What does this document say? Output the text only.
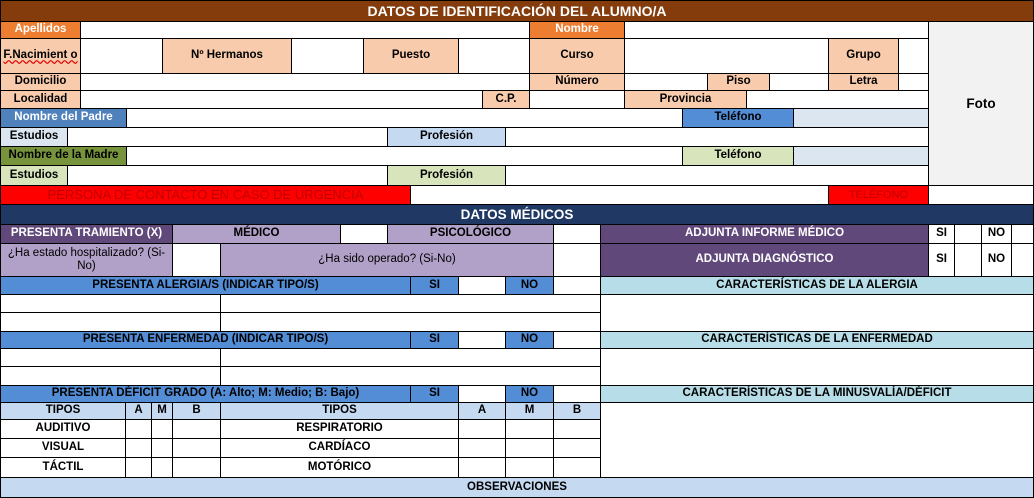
DATOS DE IDENTIFICACIÓN DEL ALUMNO/A
Foto
Apellidos	Nombre
F.Nacimient o	Nº Hermanos	Puesto	Curso	Grupo
Domicilio	Número	Piso	Letra
Localidad	C.P.	Provincia
Nombre del Padre	Teléfono
Estudios	Profesión
Nombre de la Madre	Teléfono
Estudios	Profesión
PERSONA DE CONTACTO EN CASO DE URGENCIA	TELÉFONO
DATOS MÉDICOS
PRESENTA TRAMIENTO (X)	MÉDICO	PSICOLÓGICO	ADJUNTA INFORME MÉDICO	SI	NO
¿Ha estado hospitalizado? (Si-No)
¿Ha sido operado? (Si-No)	ADJUNTA DIAGNÓSTICO	SI	NO
PRESENTA ALERGIA/S (INDICAR TIPO/S)	SI	NO	CARACTERÍSTICAS DE LA ALERGIA
PRESENTA ENFERMEDAD (INDICAR TIPO/S)	SI	NO	CARACTERÍSTICAS DE LA ENFERMEDAD
PRESENTA DÉFICIT GRADO (A: Alto; M: Medio; B: Bajo)	SI	NO	CARACTERÍSTICAS DE LA MINUSVALÍA/DÉFICIT
TIPOS	A	M	B	TIPOS	A	M	B
AUDITIVO	RESPIRATORIO
VISUAL	CARDÍACO
TÁCTIL	MOTÓRICO
OBSERVACIONES
